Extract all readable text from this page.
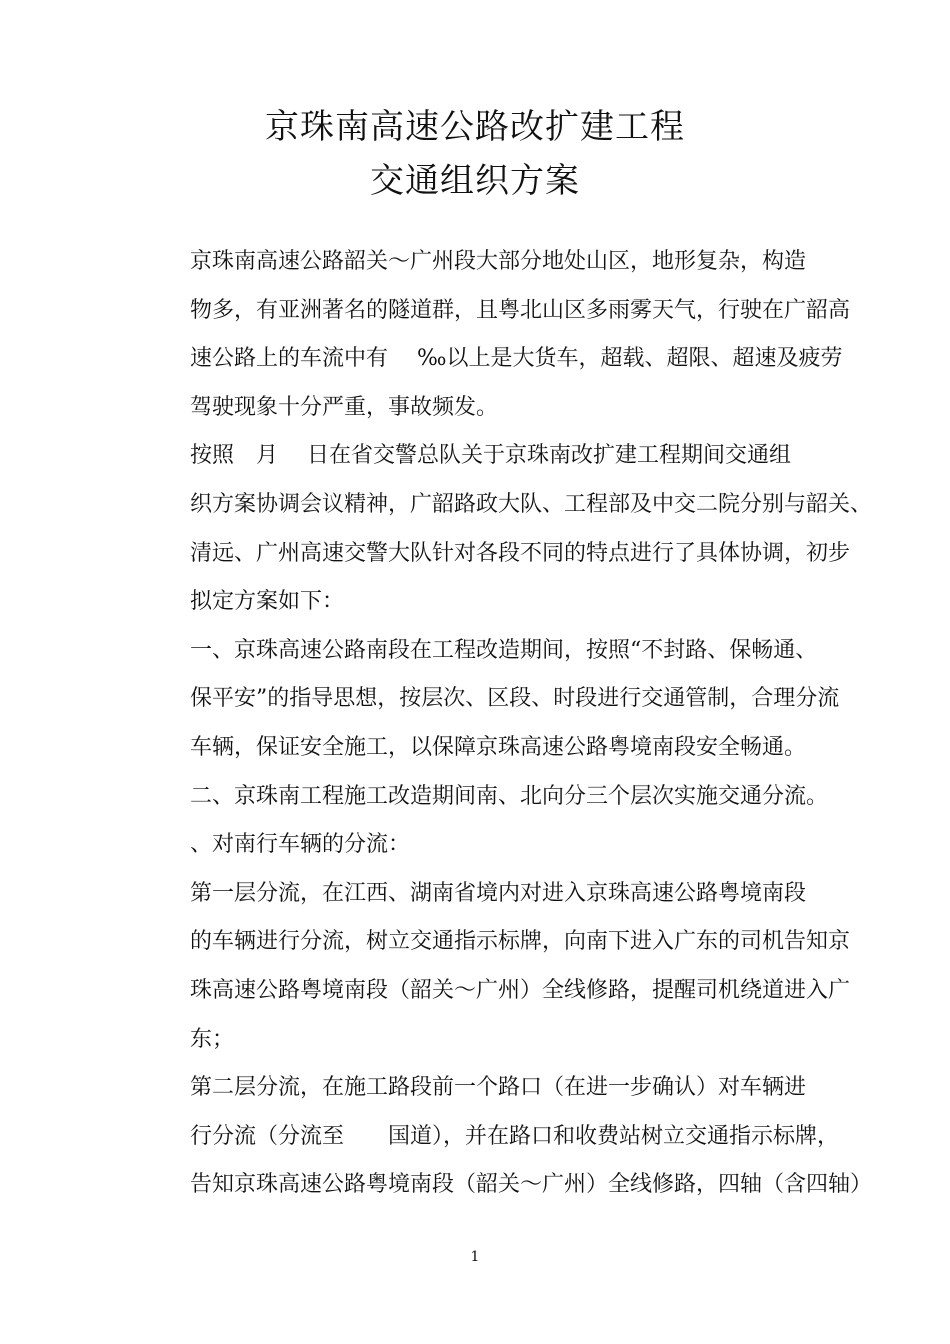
京珠南高速公路改扩建工程
交通组织方案
京珠南高速公路韶关～广州段大部分地处山区，地形复杂，构造
物多，有亚洲著名的隧道群，且粤北山区多雨雾天气，行驶在广韶高
速公路上的车流中有　 ‰以上是大货车，超载、超限、超速及疲劳
驾驶现象十分严重，事故频发。
按照　月　 日在省交警总队关于京珠南改扩建工程期间交通组
织方案协调会议精神，广韶路政大队、工程部及中交二院分别与韶关、
清远、广州高速交警大队针对各段不同的特点进行了具体协调，初步
拟定方案如下：
一、京珠高速公路南段在工程改造期间，按照“不封路、保畅通、
保平安”的指导思想，按层次、区段、时段进行交通管制，合理分流
车辆，保证安全施工，以保障京珠高速公路粤境南段安全畅通。
二、京珠南工程施工改造期间南、北向分三个层次实施交通分流。
、对南行车辆的分流：
第一层分流，在江西、湖南省境内对进入京珠高速公路粤境南段
的车辆进行分流，树立交通指示标牌，向南下进入广东的司机告知京
珠高速公路粤境南段（韶关～广州）全线修路，提醒司机绕道进入广
东；
第二层分流，在施工路段前一个路口（在进一步确认）对车辆进
行分流（分流至　　国道），并在路口和收费站树立交通指示标牌，
告知京珠高速公路粤境南段（韶关～广州）全线修路，四轴（含四轴）
1
